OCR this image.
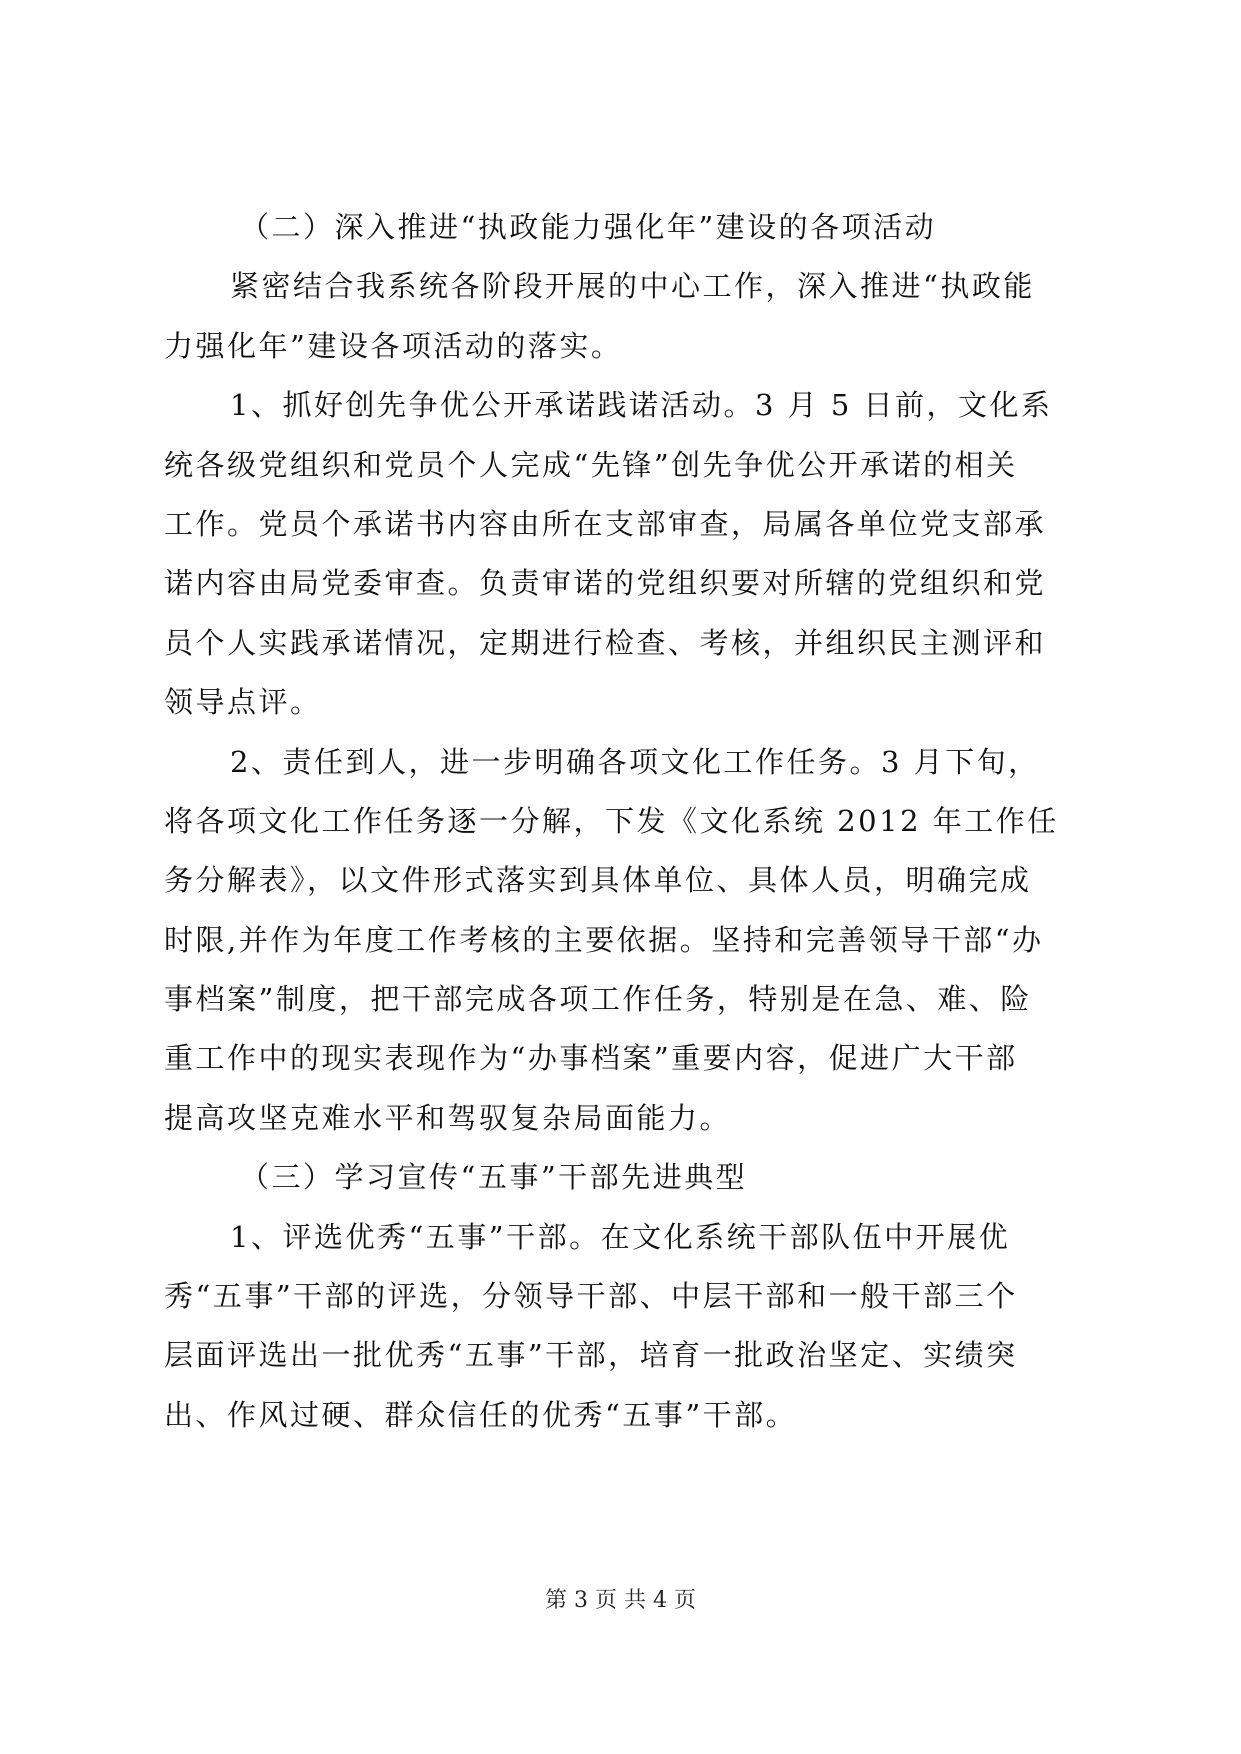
（二）深入推进“执政能力强化年”建设的各项活动
紧密结合我系统各阶段开展的中心工作，深入推进“执政能
力强化年”建设各项活动的落实。
1、抓好创先争优公开承诺践诺活动。3 月 5 日前，文化系
统各级党组织和党员个人完成“先锋”创先争优公开承诺的相关
工作。党员个承诺书内容由所在支部审查，局属各单位党支部承
诺内容由局党委审查。负责审诺的党组织要对所辖的党组织和党
员个人实践承诺情况，定期进行检查、考核，并组织民主测评和
领导点评。
2、责任到人，进一步明确各项文化工作任务。3 月下旬，
将各项文化工作任务逐一分解，下发《文化系统 2012 年工作任
务分解表》，以文件形式落实到具体单位、具体人员，明确完成
时限,并作为年度工作考核的主要依据。坚持和完善领导干部“办
事档案”制度，把干部完成各项工作任务，特别是在急、难、险
重工作中的现实表现作为“办事档案”重要内容，促进广大干部
提高攻坚克难水平和驾驭复杂局面能力。
（三）学习宣传“五事”干部先进典型
1、评选优秀“五事”干部。在文化系统干部队伍中开展优
秀“五事”干部的评选，分领导干部、中层干部和一般干部三个
层面评选出一批优秀“五事”干部，培育一批政治坚定、实绩突
出、作风过硬、群众信任的优秀“五事”干部。
第 3 页 共 4 页
